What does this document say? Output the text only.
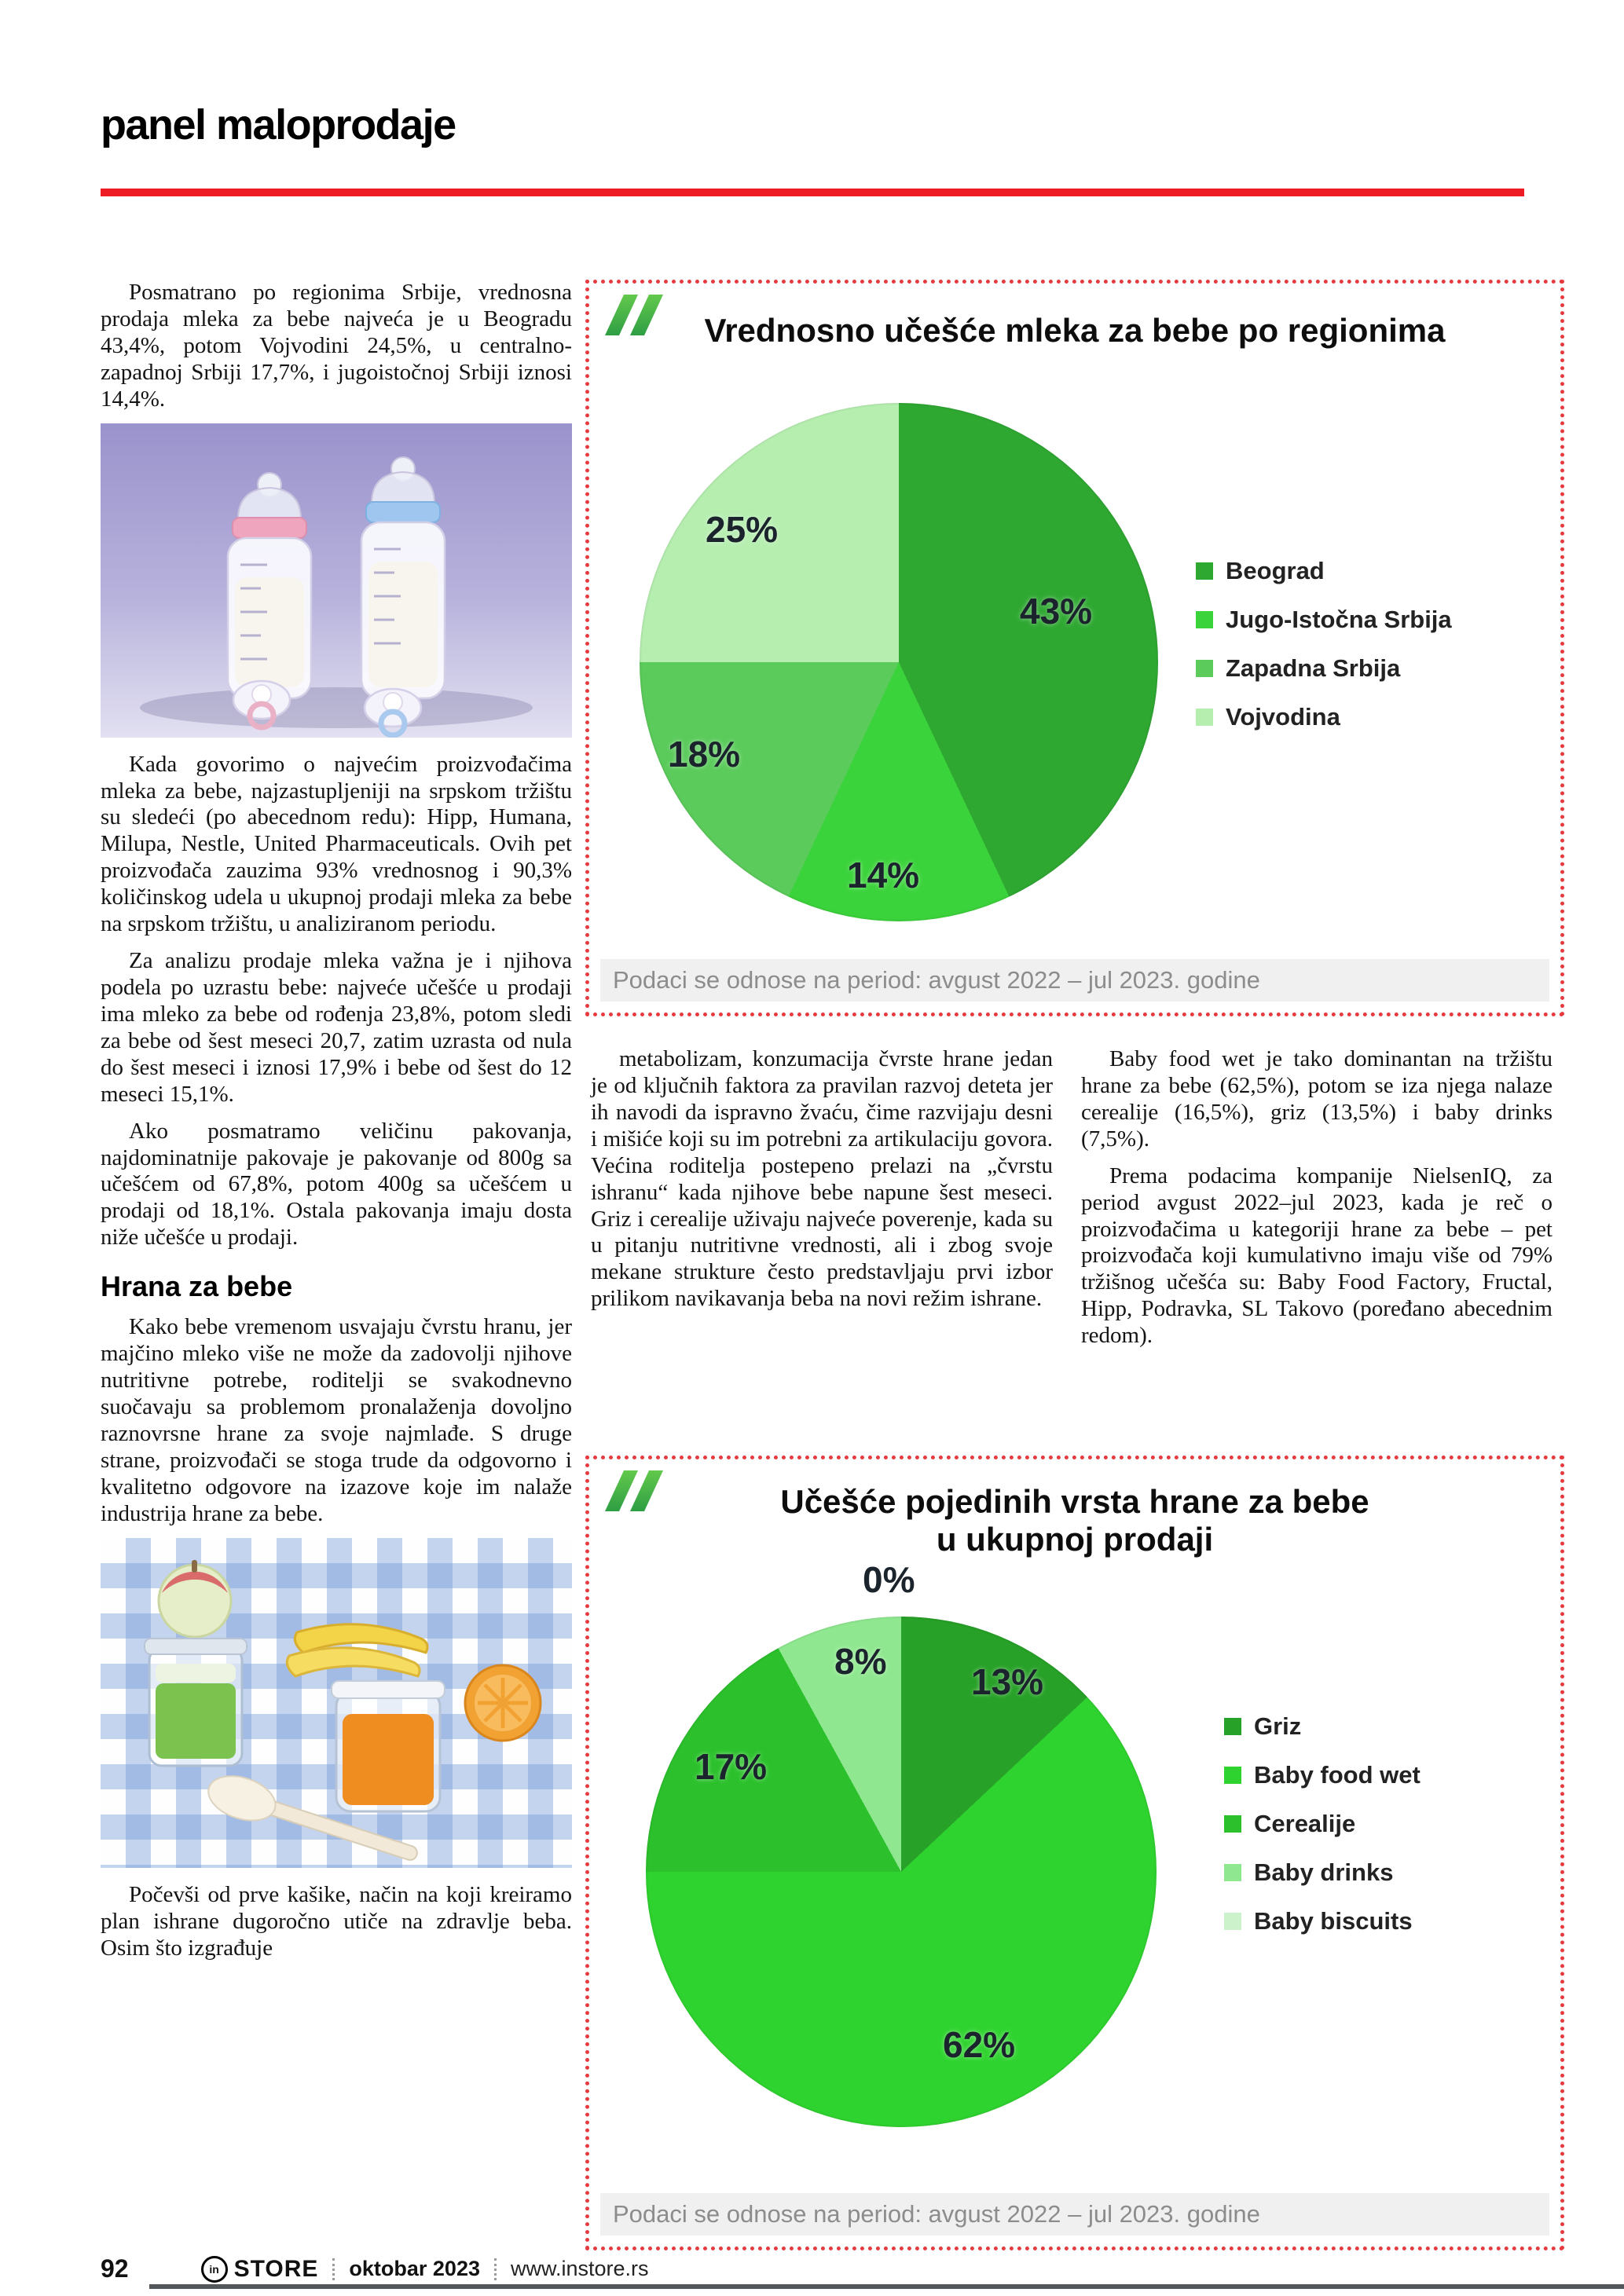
panel maloprodaje

Posmatrano po regionima Srbije, vrednosna prodaja mleka za bebe najveća je u Beogradu 43,4%, potom Vojvodini 24,5%, u centralno-zapadnoj Srbiji 17,7%, i jugoistočnoj Srbiji iznosi 14,4%.

Kada govorimo o najvećim proizvođačima mleka za bebe, najzastupljeniji na srpskom tržištu su sledeći (po abecednom redu): Hipp, Humana, Milupa, Nestle, United Pharmaceuticals. Ovih pet proizvođača zauzima 93% vrednosnog i 90,3% količinskog udela u ukupnoj prodaji mleka za bebe na srpskom tržištu, u analiziranom periodu.

Za analizu prodaje mleka važna je i njihova podela po uzrastu bebe: najveće učešće u prodaji ima mleko za bebe od rođenja 23,8%, potom sledi za bebe od šest meseci 20,7, zatim uzrasta od nula do šest meseci i iznosi 17,9% i bebe od šest do 12 meseci 15,1%.

Ako posmatramo veličinu pakovanja, najdominatnije pakovaje je pakovanje od 800g sa učešćem od 67,8%, potom 400g sa učešćem u prodaji od 18,1%. Ostala pakovanja imaju dosta niže učešće u prodaji.

Hrana za bebe

Kako bebe vremenom usvajaju čvrstu hranu, jer majčino mleko više ne može da zadovolji njihove nutritivne potrebe, roditelji se svakodnevno suočavaju sa problemom pronalaženja dovoljno raznovrsne hrane za svoje najmlađe. S druge strane, proizvođači se stoga trude da odgovorno i kvalitetno odgovore na izazove koje im nalaže industrija hrane za bebe.

Počevši od prve kašike, način na koji kreiramo plan ishrane dugoročno utiče na zdravlje beba. Osim što izgrađuje

metabolizam, konzumacija čvrste hrane jedan je od ključnih faktora za pravilan razvoj deteta jer ih navodi da ispravno žvaću, čime razvijaju desni i mišiće koji su im potrebni za artikulaciju govora. Većina roditelja postepeno prelazi na „čvrstu ishranu“ kada njihove bebe napune šest meseci. Griz i cerealije uživaju najveće poverenje, kada su u pitanju nutritivne vrednosti, ali i zbog svoje mekane strukture često predstavljaju prvi izbor prilikom navikavanja beba na novi režim ishrane.

Baby food wet je tako dominantan na tržištu hrane za bebe (62,5%), potom se iza njega nalaze cerealije (16,5%), griz (13,5%) i baby drinks (7,5%).

Prema podacima kompanije NielsenIQ, za period avgust 2022–jul 2023, kada je reč o proizvođačima u kategoriji hrane za bebe – pet proizvođača koji kumulativno imaju više od 79% tržišnog učešća su: Baby Food Factory, Fructal, Hipp, Podravka, SL Takovo (poređano abecednim redom).

Vrednosno učešće mleka za bebe po regionima
43%
14%
18%
25%
Beograd
Jugo-Istočna Srbija
Zapadna Srbija
Vojvodina
Podaci se odnose na period: avgust 2022 – jul 2023. godine
Učešće pojedinih vrsta hrane za bebe
u ukupnoj prodaji
13%
62%
17%
8%
0%
Griz
Baby food wet
Cerealije
Baby drinks
Baby biscuits
Podaci se odnose na period: avgust 2022 – jul 2023. godine
92	in STORE oktobar 2023 www.instore.rs
